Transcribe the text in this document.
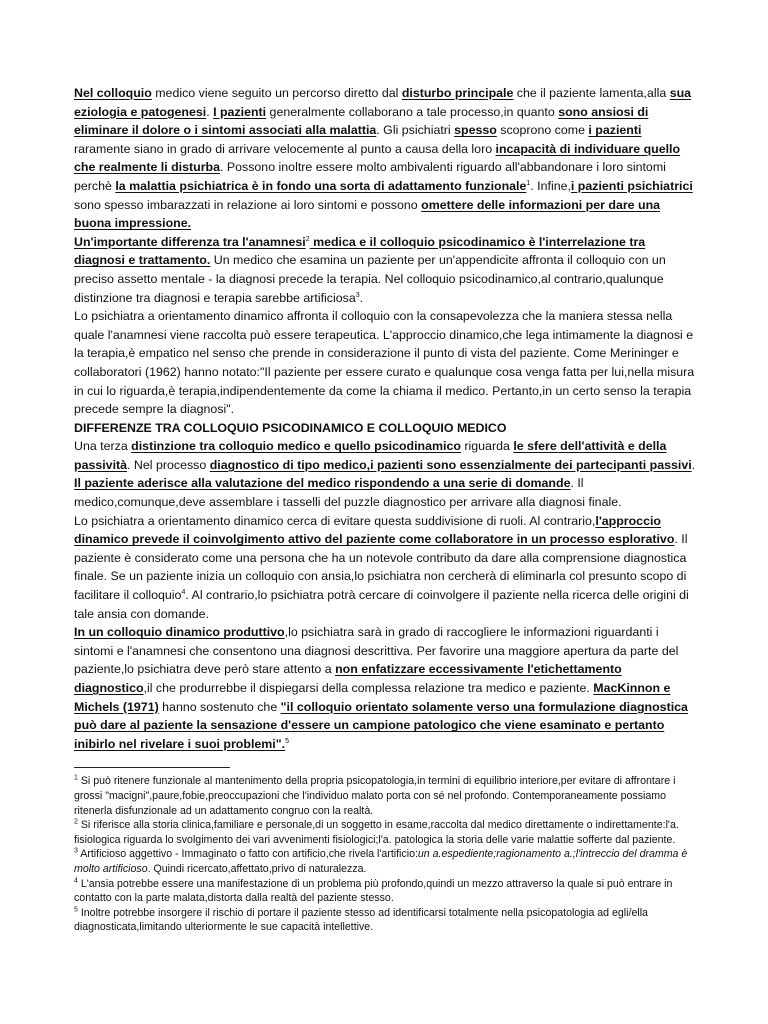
Nel colloquio medico viene seguito un percorso diretto dal disturbo principale che il paziente lamenta,alla sua eziologia e patogenesi. I pazienti generalmente collaborano a tale processo,in quanto sono ansiosi di eliminare il dolore o i sintomi associati alla malattia. Gli psichiatri spesso scoprono come i pazienti raramente siano in grado di arrivare velocemente al punto a causa della loro incapacità di individuare quello che realmente li disturba. Possono inoltre essere molto ambivalenti riguardo all'abbandonare i loro sintomi perchè la malattia psichiatrica è in fondo una sorta di adattamento funzionale$^1$. Infine,i pazienti psichiatrici sono spesso imbarazzati in relazione ai loro sintomi e possono omettere delle informazioni per dare una buona impressione.

Un'importante differenza tra l'anamnesi$^2$ medica e il colloquio psicodinamico è l'interrelazione tra diagnosi e trattamento. Un medico che esamina un paziente per un'appendicite affronta il colloquio con un preciso assetto mentale - la diagnosi precede la terapia. Nel colloquio psicodinamico,al contrario,qualunque distinzione tra diagnosi e terapia sarebbe artificiosa$^3$.

Lo psichiatra a orientamento dinamico affronta il colloquio con la consapevolezza che la maniera stessa nella quale l'anamnesi viene raccolta può essere terapeutica. L'approccio dinamico,che lega intimamente la diagnosi e la terapia,è empatico nel senso che prende in considerazione il punto di vista del paziente. Come Merininger e collaboratori (1962) hanno notato:"Il paziente per essere curato e qualunque cosa venga fatta per lui,nella misura in cui lo riguarda,è terapia,indipendentemente da come la chiama il medico. Pertanto,in un certo senso la terapia precede sempre la diagnosi".

DIFFERENZE TRA COLLOQUIO PSICODINAMICO E COLLOQUIO MEDICO

Una terza distinzione tra colloquio medico e quello psicodinamico riguarda le sfere dell'attività e della passività. Nel processo diagnostico di tipo medico,i pazienti sono essenzialmente dei partecipanti passivi. Il paziente aderisce alla valutazione del medico rispondendo a una serie di domande. Il medico,comunque,deve assemblare i tasselli del puzzle diagnostico per arrivare alla diagnosi finale.

Lo psichiatra a orientamento dinamico cerca di evitare questa suddivisione di ruoli. Al contrario,l'approccio dinamico prevede il coinvolgimento attivo del paziente come collaboratore in un processo esplorativo. Il paziente è considerato come una persona che ha un notevole contributo da dare alla comprensione diagnostica finale. Se un paziente inizia un colloquio con ansia,lo psichiatra non cercherà di eliminarla col presunto scopo di facilitare il colloquio$^4$. Al contrario,lo psichiatra potrà cercare di coinvolgere il paziente nella ricerca delle origini di tale ansia con domande.

In un colloquio dinamico produttivo,lo psichiatra sarà in grado di raccogliere le informazioni riguardanti i sintomi e l'anamnesi che consentono una diagnosi descrittiva. Per favorire una maggiore apertura da parte del paziente,lo psichiatra deve però stare attento a non enfatizzare eccessivamente l'etichettamento diagnostico,il che produrrebbe il dispiegarsi della complessa relazione tra medico e paziente. MacKinnon e Michels (1971) hanno sostenuto che "il colloquio orientato solamente verso una formulazione diagnostica può dare al paziente la sensazione d'essere un campione patologico che viene esaminato e pertanto inibirlo nel rivelare i suoi problemi".$^5$

$^1$ Si può ritenere funzionale al mantenimento della propria psicopatologia,in termini di equilibrio interiore,per evitare di affrontare i grossi "macigni",paure,fobie,preoccupazioni che l'individuo malato porta con sé nel profondo. Contemporaneamente possiamo ritenerla disfunzionale ad un adattamento congruo con la realtà.

$^2$ Si riferisce alla storia clinica,familiare e personale,di un soggetto in esame,raccolta dal medico direttamente o indirettamente:l'a. fisiologica riguarda lo svolgimento dei vari avvenimenti fisiologici;l'a. patologica la storia delle varie malattie sofferte dal paziente.

$^3$ Artificioso aggettivo - Immaginato o fatto con artificio,che rivela l'artificio:un a.espediente;ragionamento a.;l'intreccio del dramma è molto artificioso. Quindi ricercato,affettato,privo di naturalezza.

$^4$ L'ansia potrebbe essere una manifestazione di un problema più profondo,quindi un mezzo attraverso la quale si può entrare in contatto con la parte malata,distorta dalla realtà del paziente stesso.

$^5$ Inoltre potrebbe insorgere il rischio di portare il paziente stesso ad identificarsi totalmente nella psicopatologia ad egli/ella diagnosticata,limitando ulteriormente le sue capacità intellettive.
